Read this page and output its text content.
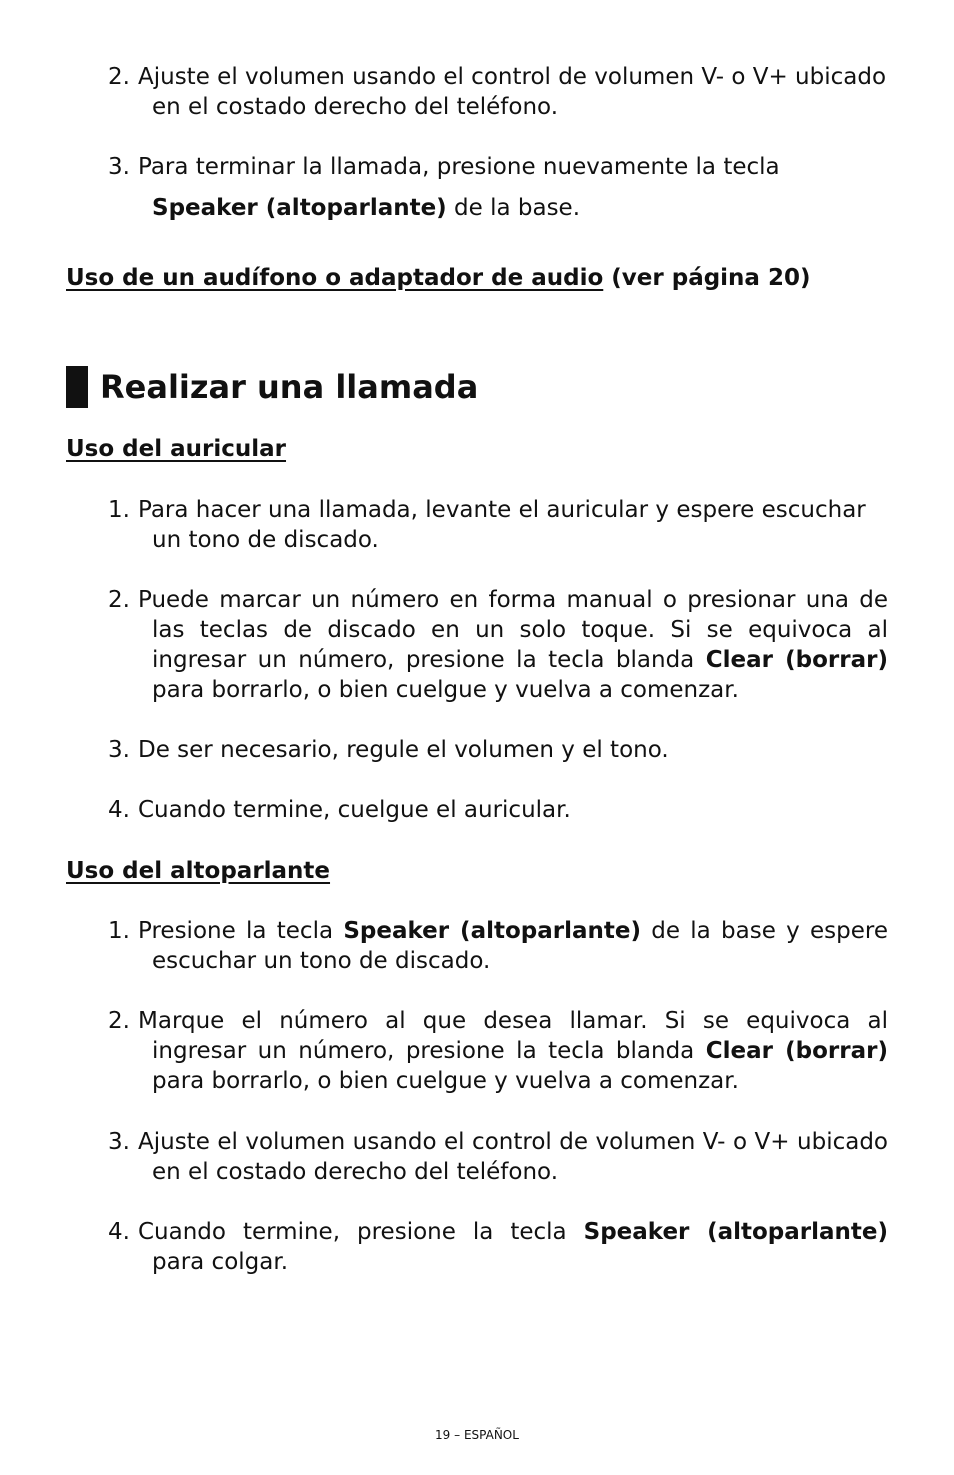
2. Ajuste el volumen usando el control de volumen V- o V+ ubicado en el costado derecho del teléfono.
3. Para terminar la llamada, presione nuevamente la tecla
Speaker (altoparlante) de la base.
Uso de un audífono o adaptador de audio (ver página 20)
Realizar una llamada
Uso del auricular
1. Para hacer una llamada, levante el auricular y espere escuchar un tono de discado.
2. Puede marcar un número en forma manual o presionar una de las teclas de discado en un solo toque. Si se equivoca al ingresar un número, presione la tecla blanda Clear (borrar) para borrarlo, o bien cuelgue y vuelva a comenzar.
3. De ser necesario, regule el volumen y el tono.
4. Cuando termine, cuelgue el auricular.
Uso del altoparlante
1. Presione la tecla Speaker (altoparlante) de la base y espere escuchar un tono de discado.
2. Marque el número al que desea llamar. Si se equivoca al ingresar un número, presione la tecla blanda Clear (borrar) para borrarlo, o bien cuelgue y vuelva a comenzar.
3. Ajuste el volumen usando el control de volumen V- o V+ ubicado en el costado derecho del teléfono.
4. Cuando termine, presione la tecla Speaker (altoparlante) para colgar.
19 – ESPAÑOL
